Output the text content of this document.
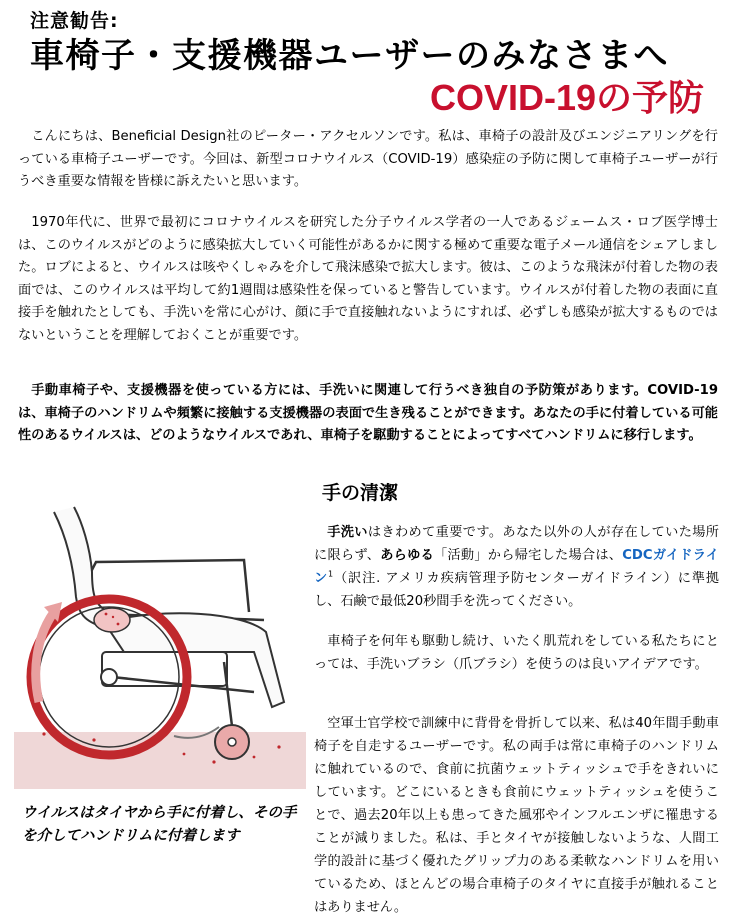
注意勧告:
車椅子・支援機器ユーザーのみなさまへ
COVID-19の予防

こんにちは、Beneficial Design社のピーター・アクセルソンです。私は、車椅子の設計及びエンジニアリングを行っている車椅子ユーザーです。今回は、新型コロナウイルス（COVID-19）感染症の予防に関して車椅子ユーザーが行うべき重要な情報を皆様に訴えたいと思います。

1970年代に、世界で最初にコロナウイルスを研究した分子ウイルス学者の一人であるジェームス・ロブ医学博士は、このウイルスがどのように感染拡大していく可能性があるかに関する極めて重要な電子メール通信をシェアしました。ロブによると、ウイルスは咳やくしゃみを介して飛沫感染で拡大します。彼は、このような飛沫が付着した物の表面では、このウイルスは平均して約1週間は感染性を保っていると警告しています。ウイルスが付着した物の表面に直接手を触れたとしても、手洗いを常に心がけ、顔に手で直接触れないようにすれば、必ずしも感染が拡大するものではないということを理解しておくことが重要です。

手動車椅子や、支援機器を使っている方には、手洗いに関連して行うべき独自の予防策があります。COVID-19は、車椅子のハンドリムや頻繁に接触する支援機器の表面で生き残ることができます。あなたの手に付着している可能性のあるウイルスは、どのようなウイルスであれ、車椅子を駆動することによってすべてハンドリムに移行します。

ウイルスはタイヤから手に付着し、その手を介してハンドリムに付着します

手の清潔

手洗いはきわめて重要です。あなた以外の人が存在していた場所に限らず、あらゆる「活動」から帰宅した場合は、CDCガイドライン$^1$（訳注. アメリカ疾病管理予防センターガイドライン）に準拠し、石鹸で最低20秒間手を洗ってください。

車椅子を何年も駆動し続け、いたく肌荒れをしている私たちにとっては、手洗いブラシ（爪ブラシ）を使うのは良いアイデアです。

空軍士官学校で訓練中に背骨を骨折して以来、私は40年間手動車椅子を自走するユーザーです。私の両手は常に車椅子のハンドリムに触れているので、食前に抗菌ウェットティッシュで手をきれいにしています。どこにいるときも食前にウェットティッシュを使うことで、過去20年以上も患ってきた風邪やインフルエンザに罹患することが減りました。私は、手とタイヤが接触しないような、人間工学的設計に基づく優れたグリップ力のある柔軟なハンドリムを用いているため、ほとんどの場合車椅子のタイヤに直接手が触れることはありません。
